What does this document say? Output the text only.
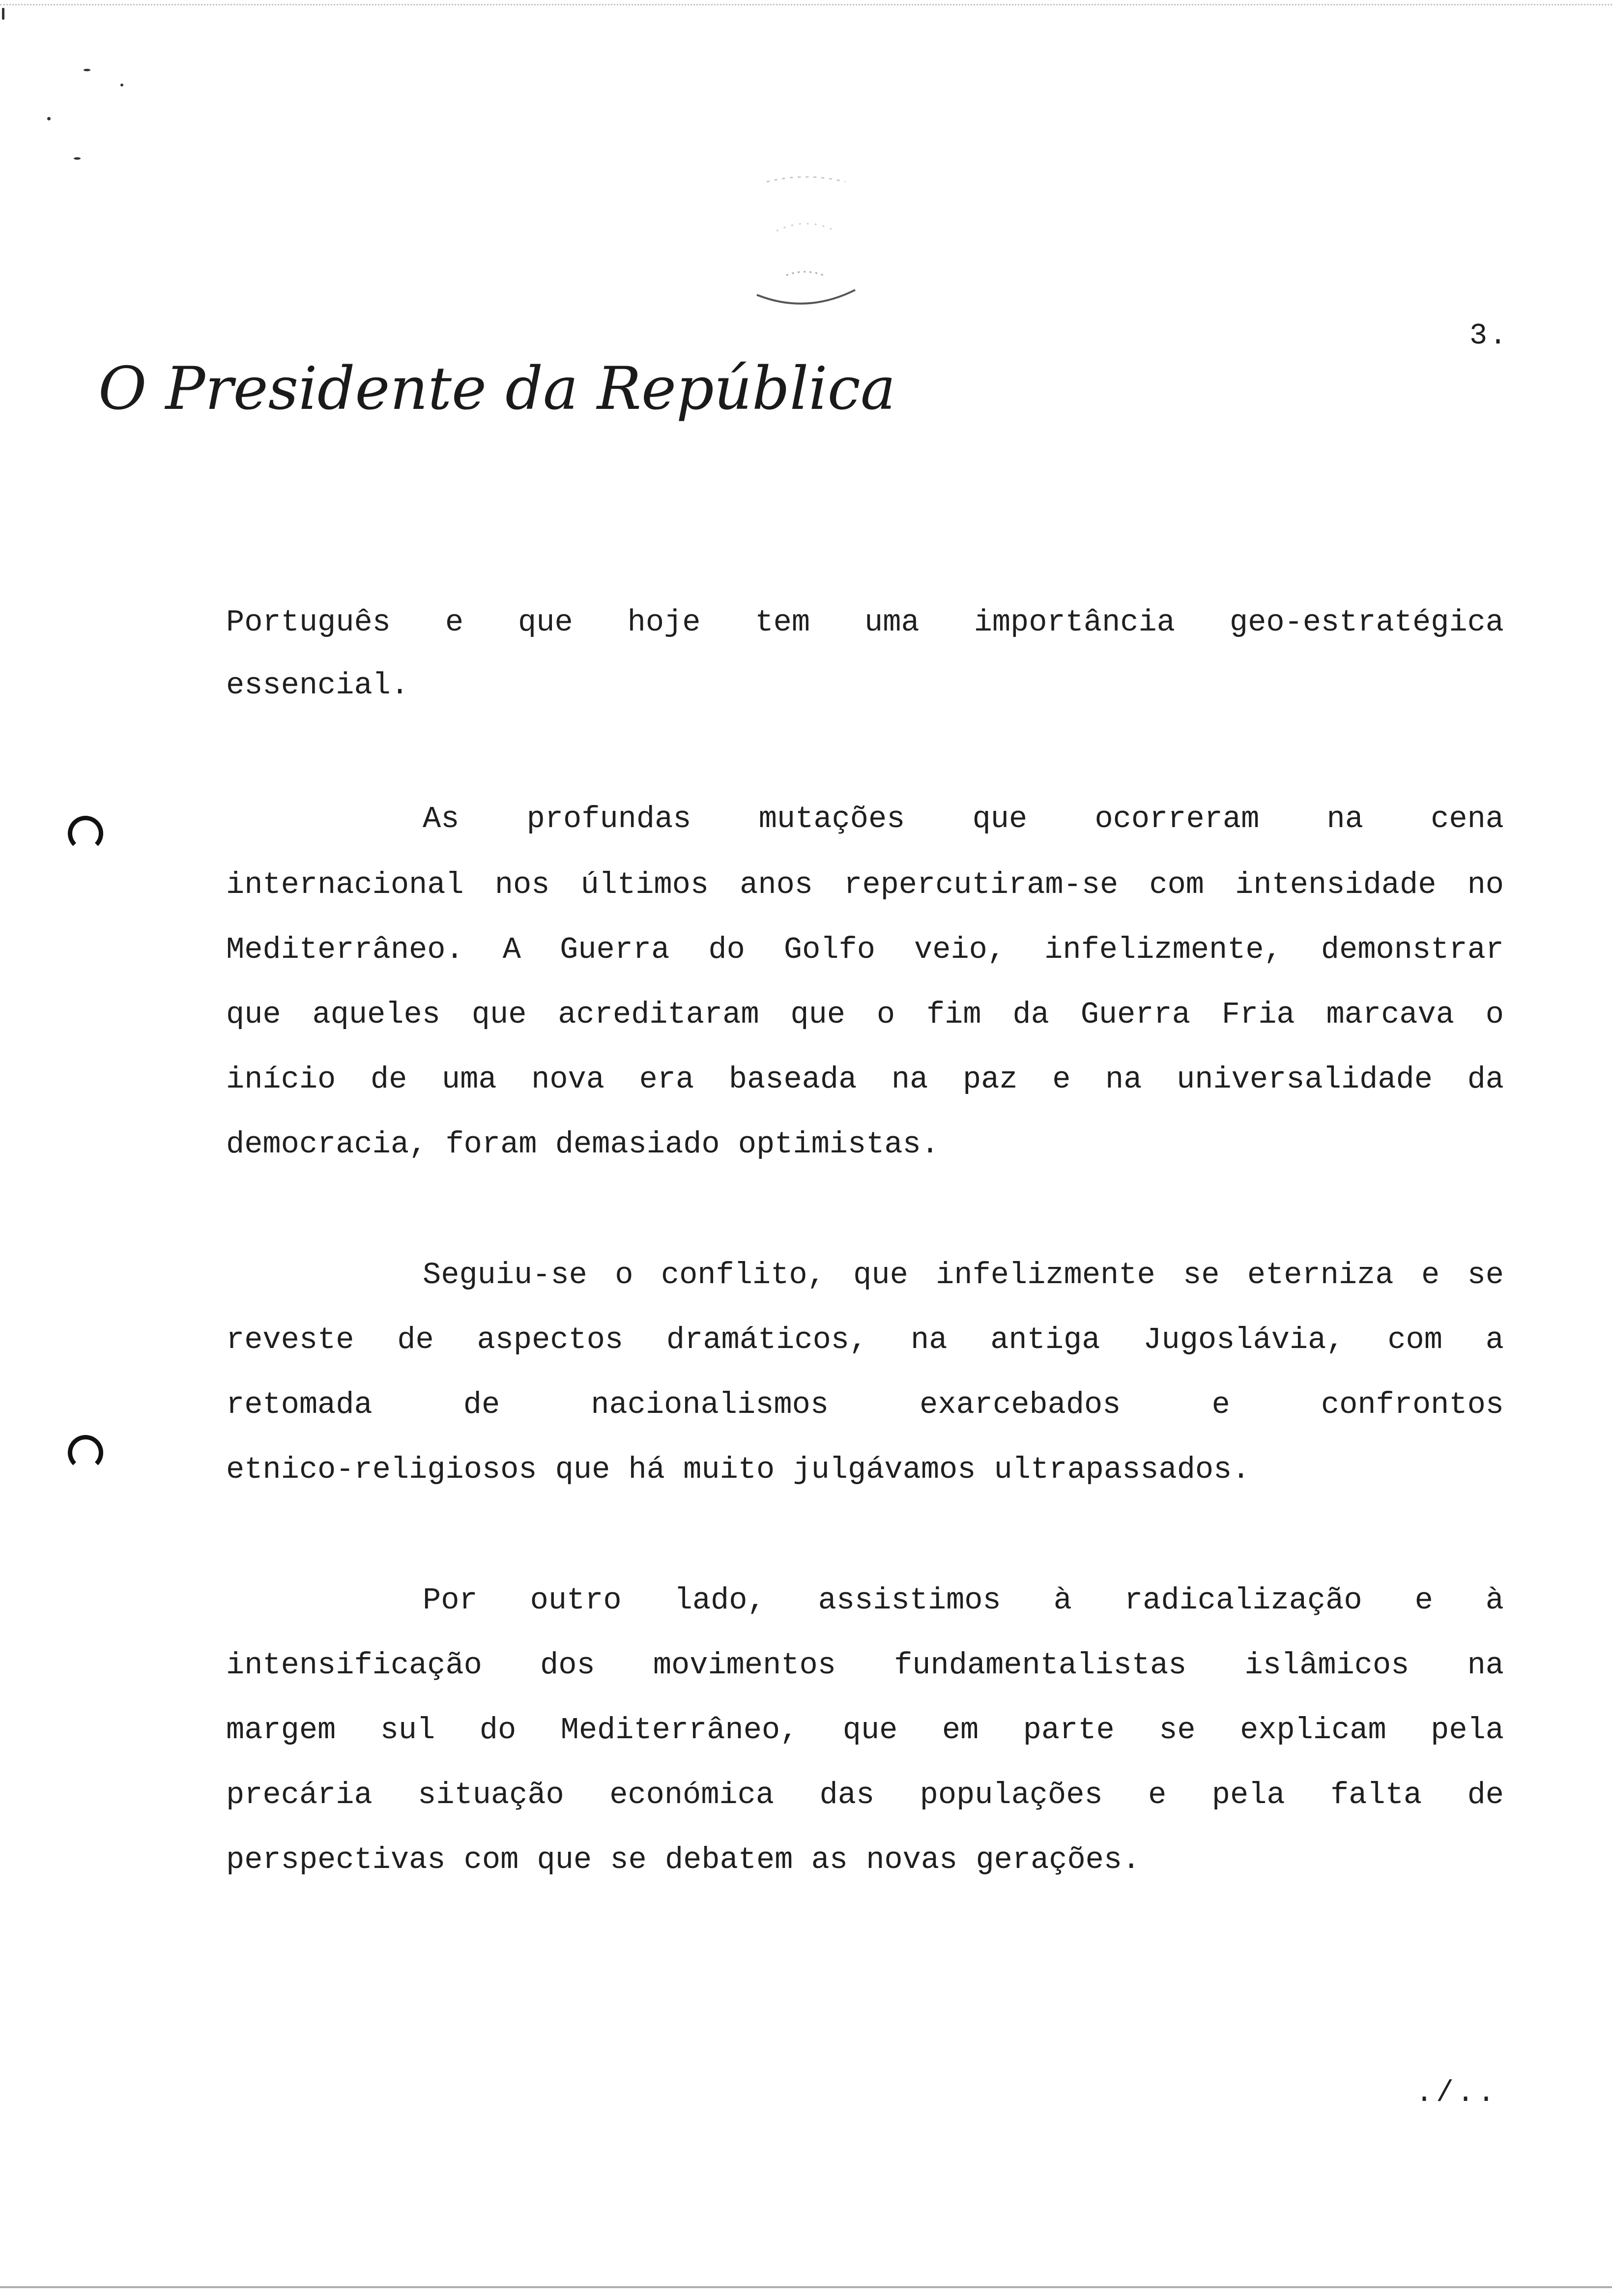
3.
O Presidente da República
Português e que hoje tem uma importância geo-estratégica
essencial.
As profundas mutações que ocorreram na cena
internacional nos últimos anos repercutiram-se com intensidade no
Mediterrâneo. A Guerra do Golfo veio, infelizmente, demonstrar
que aqueles que acreditaram que o fim da Guerra Fria marcava o
início de uma nova era baseada na paz e na universalidade da
democracia, foram demasiado optimistas.
Seguiu-se o conflito, que infelizmente se eterniza e se
reveste de aspectos dramáticos, na antiga Jugoslávia, com a
retomada de nacionalismos exarcebados e confrontos
etnico-religiosos que há muito julgávamos ultrapassados.
Por outro lado, assistimos à radicalização e à
intensificação dos movimentos fundamentalistas islâmicos na
margem sul do Mediterrâneo, que em parte se explicam pela
precária situação económica das populações e pela falta de
perspectivas com que se debatem as novas gerações.
./..
